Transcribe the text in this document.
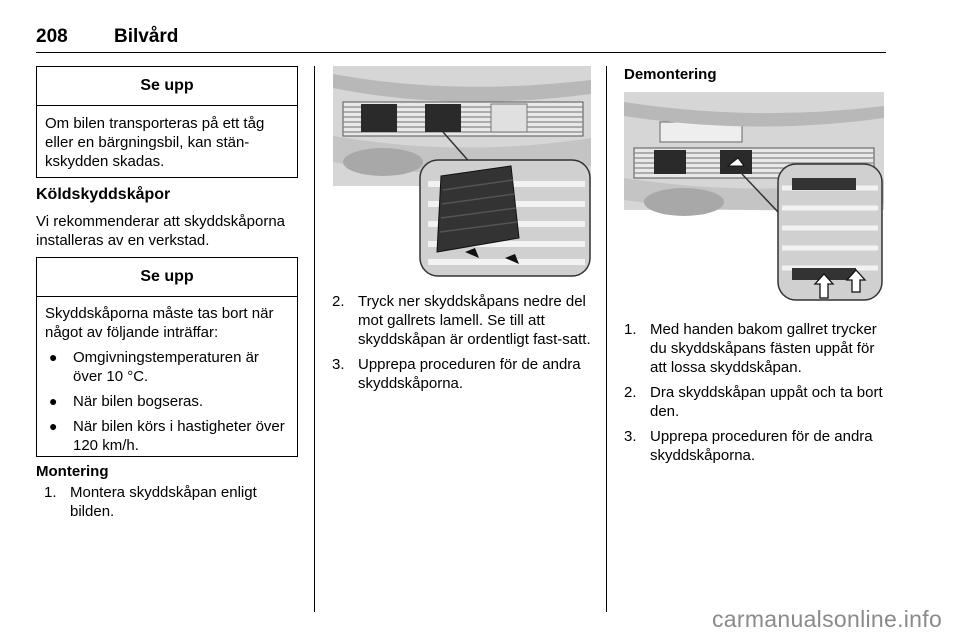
208 Bilvård
Se upp
Om bilen transporteras på ett tåg eller en bärgningsbil, kan stän-kskydden skadas.
Köldskyddskåpor
Vi rekommenderar att skyddskåporna installeras av en verkstad.
Se upp
Skyddskåporna måste tas bort när något av följande inträffar:
● Omgivningstemperaturen är över 10 °C.
● När bilen bogseras.
● När bilen körs i hastigheter över 120 km/h.
Montering
1. Montera skyddskåpan enligt bilden.
2. Tryck ner skyddskåpans nedre del mot gallrets lamell. Se till att skyddskåpan är ordentligt fast-satt.
3. Upprepa proceduren för de andra skyddskåporna.
Demontering
1. Med handen bakom gallret trycker du skyddskåpans fästen uppåt för att lossa skyddskåpan.
2. Dra skyddskåpan uppåt och ta bort den.
3. Upprepa proceduren för de andra skyddskåporna.
carmanualsonline.info
